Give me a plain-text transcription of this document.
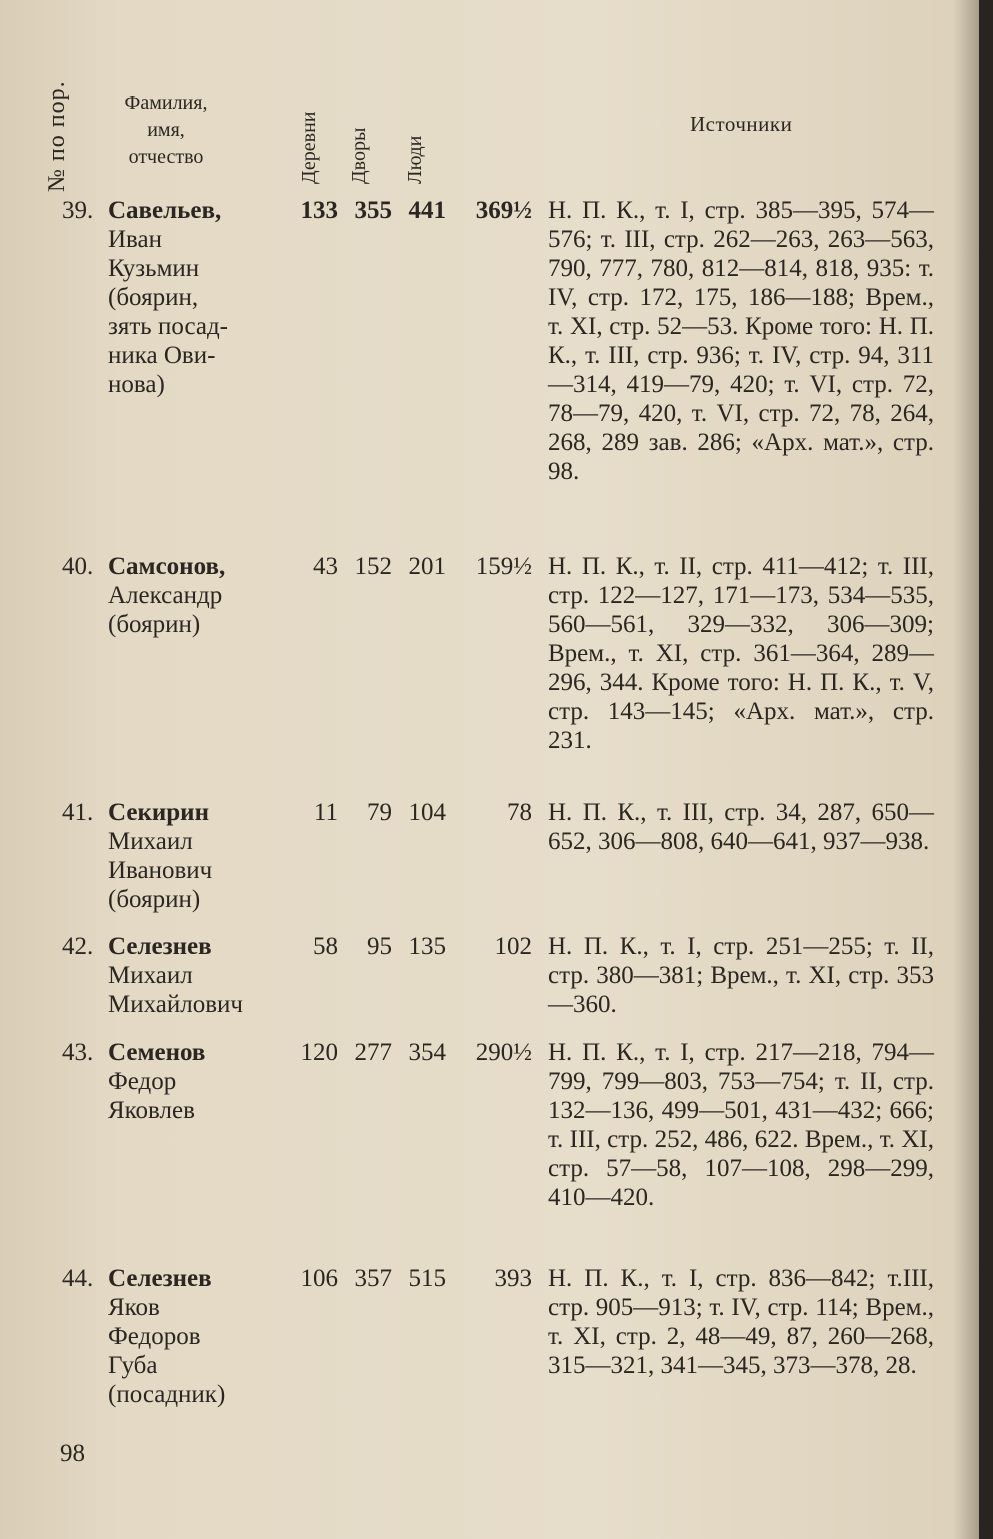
№ по пор.	Фамилия,
имя,
отчество	Деревни Дворы Люди
Источники
39. Савельев,
Иван
Кузьмин
(боярин,
зять посад-
ника Ови-
нова)
133 355 441	369½ Н. П. К., т. I, стр. 385—395, 574—576; т. III, стр. 262—263, 263—563, 790, 777, 780, 812—814, 818, 935: т. IV, стр. 172, 175, 186—188; Врем., т. XI, стр. 52—53. Кроме того: Н. П. К., т. III, стр. 936; т. IV, стр. 94, 311—314, 419—79, 420; т. VI, стр. 72, 78—79, 420, т. VI, стр. 72, 78, 264, 268, 289 зав. 286; «Арх. мат.», стр. 98.
40. Самсонов,
Александр
(боярин)
43 152 201	159½ Н. П. К., т. II, стр. 411—412; т. III, стр. 122—127, 171—173, 534—535, 560—561, 329—332, 306—309; Врем., т. XI, стр. 361—364, 289—296, 344. Кроме того: Н. П. К., т. V, стр. 143—145; «Арх. мат.», стр. 231.
41. Секирин
Михаил
Иванович
(боярин)
11	79 104	78 Н. П. К., т. III, стр. 34, 287, 650—652, 306—808, 640—641, 937—938.
42. Селезнев
Михаил
Михайлович
58	95 135	102 Н. П. К., т. I, стр. 251—255; т. II, стр. 380—381; Врем., т. XI, стр. 353—360.
43. Семенов
Федор
Яковлев
120 277 354	290½ Н. П. К., т. I, стр. 217—218, 794—799, 799—803, 753—754; т. II, стр. 132—136, 499—501, 431—432; 666; т. III, стр. 252, 486, 622. Врем., т. XI, стр. 57—58, 107—108, 298—299, 410—420.
44. Селезнев
Яков
Федоров
Губа
(посадник)
106 357 515	393 Н. П. К., т. I, стр. 836—842; т.III, стр. 905—913; т. IV, стр. 114; Врем., т. XI, стр. 2, 48—49, 87, 260—268, 315—321, 341—345, 373—378, 28.
98
